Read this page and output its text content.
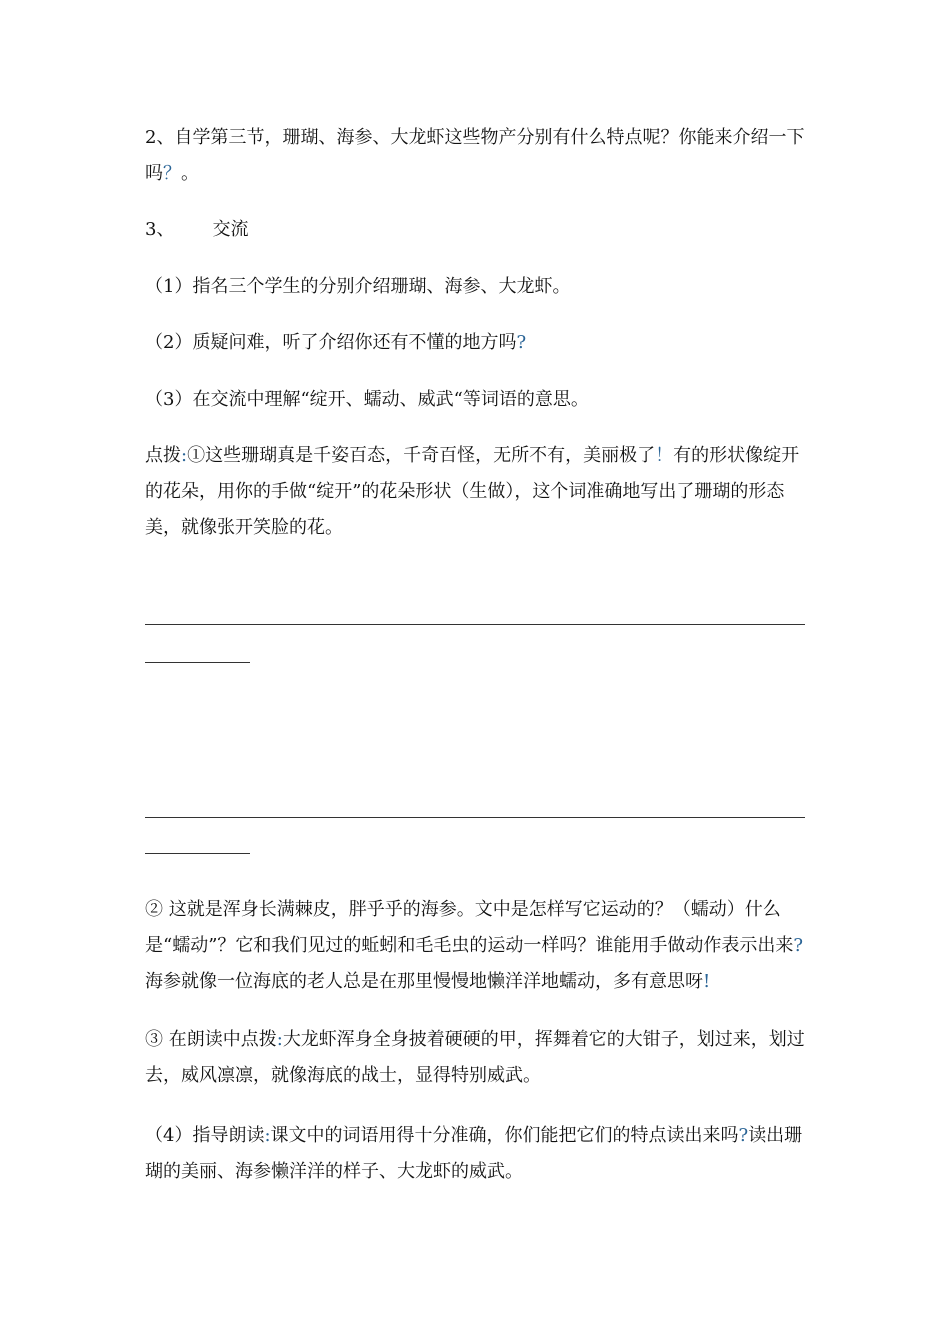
2、自学第三节，珊瑚、海参、大龙虾这些物产分别有什么特点呢？你能来介绍一下吗？。
3、 交流
（1）指名三个学生的分别介绍珊瑚、海参、大龙虾。
（2）质疑问难，听了介绍你还有不懂的地方吗?
（3）在交流中理解“绽开、蠕动、威武“等词语的意思。
点拨:①这些珊瑚真是千姿百态，千奇百怪，无所不有，美丽极了！有的形状像绽开的花朵，用你的手做“绽开”的花朵形状（生做），这个词准确地写出了珊瑚的形态美，就像张开笑脸的花。
② 这就是浑身长满棘皮，胖乎乎的海参。文中是怎样写它运动的？（蠕动）什么是“蠕动”？它和我们见过的蚯蚓和毛毛虫的运动一样吗？谁能用手做动作表示出来?海参就像一位海底的老人总是在那里慢慢地懒洋洋地蠕动，多有意思呀!
③ 在朗读中点拨:大龙虾浑身全身披着硬硬的甲，挥舞着它的大钳子，划过来，划过去，威风凛凛，就像海底的战士，显得特别威武。
（4）指导朗读:课文中的词语用得十分准确，你们能把它们的特点读出来吗?读出珊瑚的美丽、海参懒洋洋的样子、大龙虾的威武。
